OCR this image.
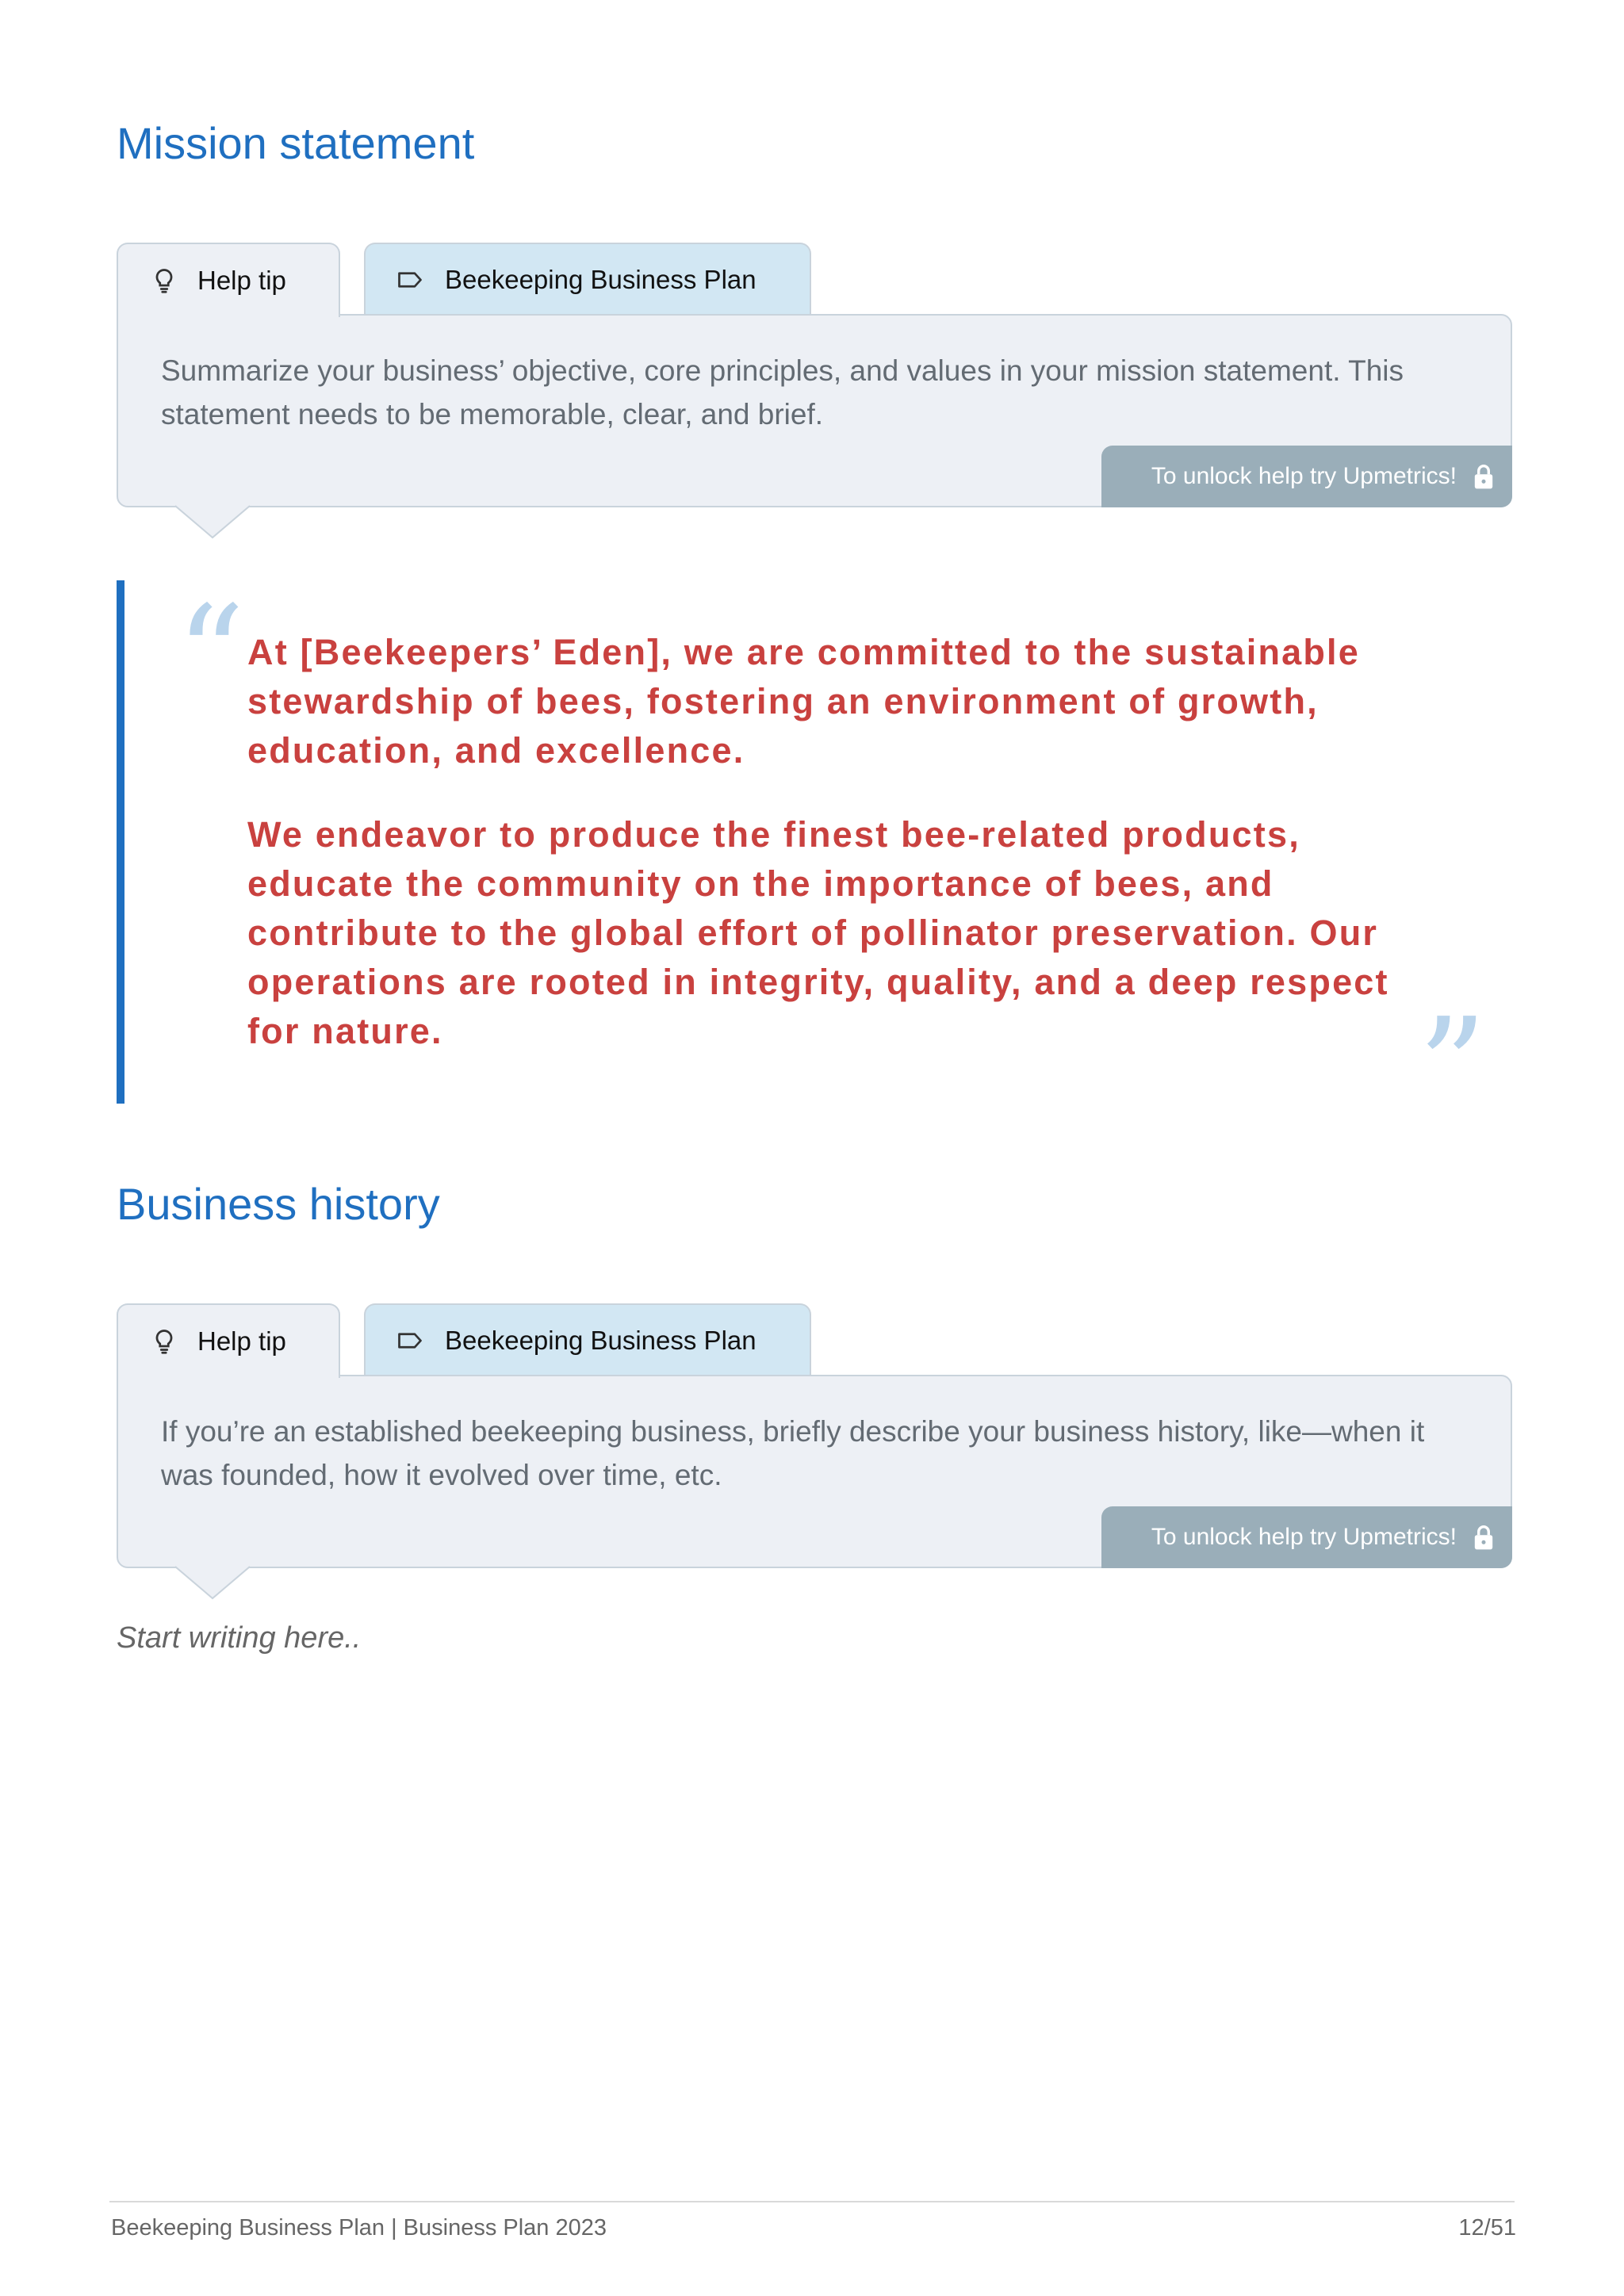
Mission statement
Help tip	Beekeeping Business Plan
Summarize your business’ objective, core principles, and values in your mission statement. This statement needs to be memorable, clear, and brief.
To unlock help try Upmetrics!
“
”

At [Beekeepers’ Eden], we are committed to the sustainable stewardship of bees, fostering an environment of growth, education, and excellence.

We endeavor to produce the finest bee-related products, educate the community on the importance of bees, and contribute to the global effort of pollinator preservation. Our operations are rooted in integrity, quality, and a deep respect for nature.

Business history
Help tip	Beekeeping Business Plan
If you’re an established beekeeping business, briefly describe your business history, like—when it was founded, how it evolved over time, etc.
To unlock help try Upmetrics!
Start writing here..
Beekeeping Business Plan | Business Plan 2023	12/51
